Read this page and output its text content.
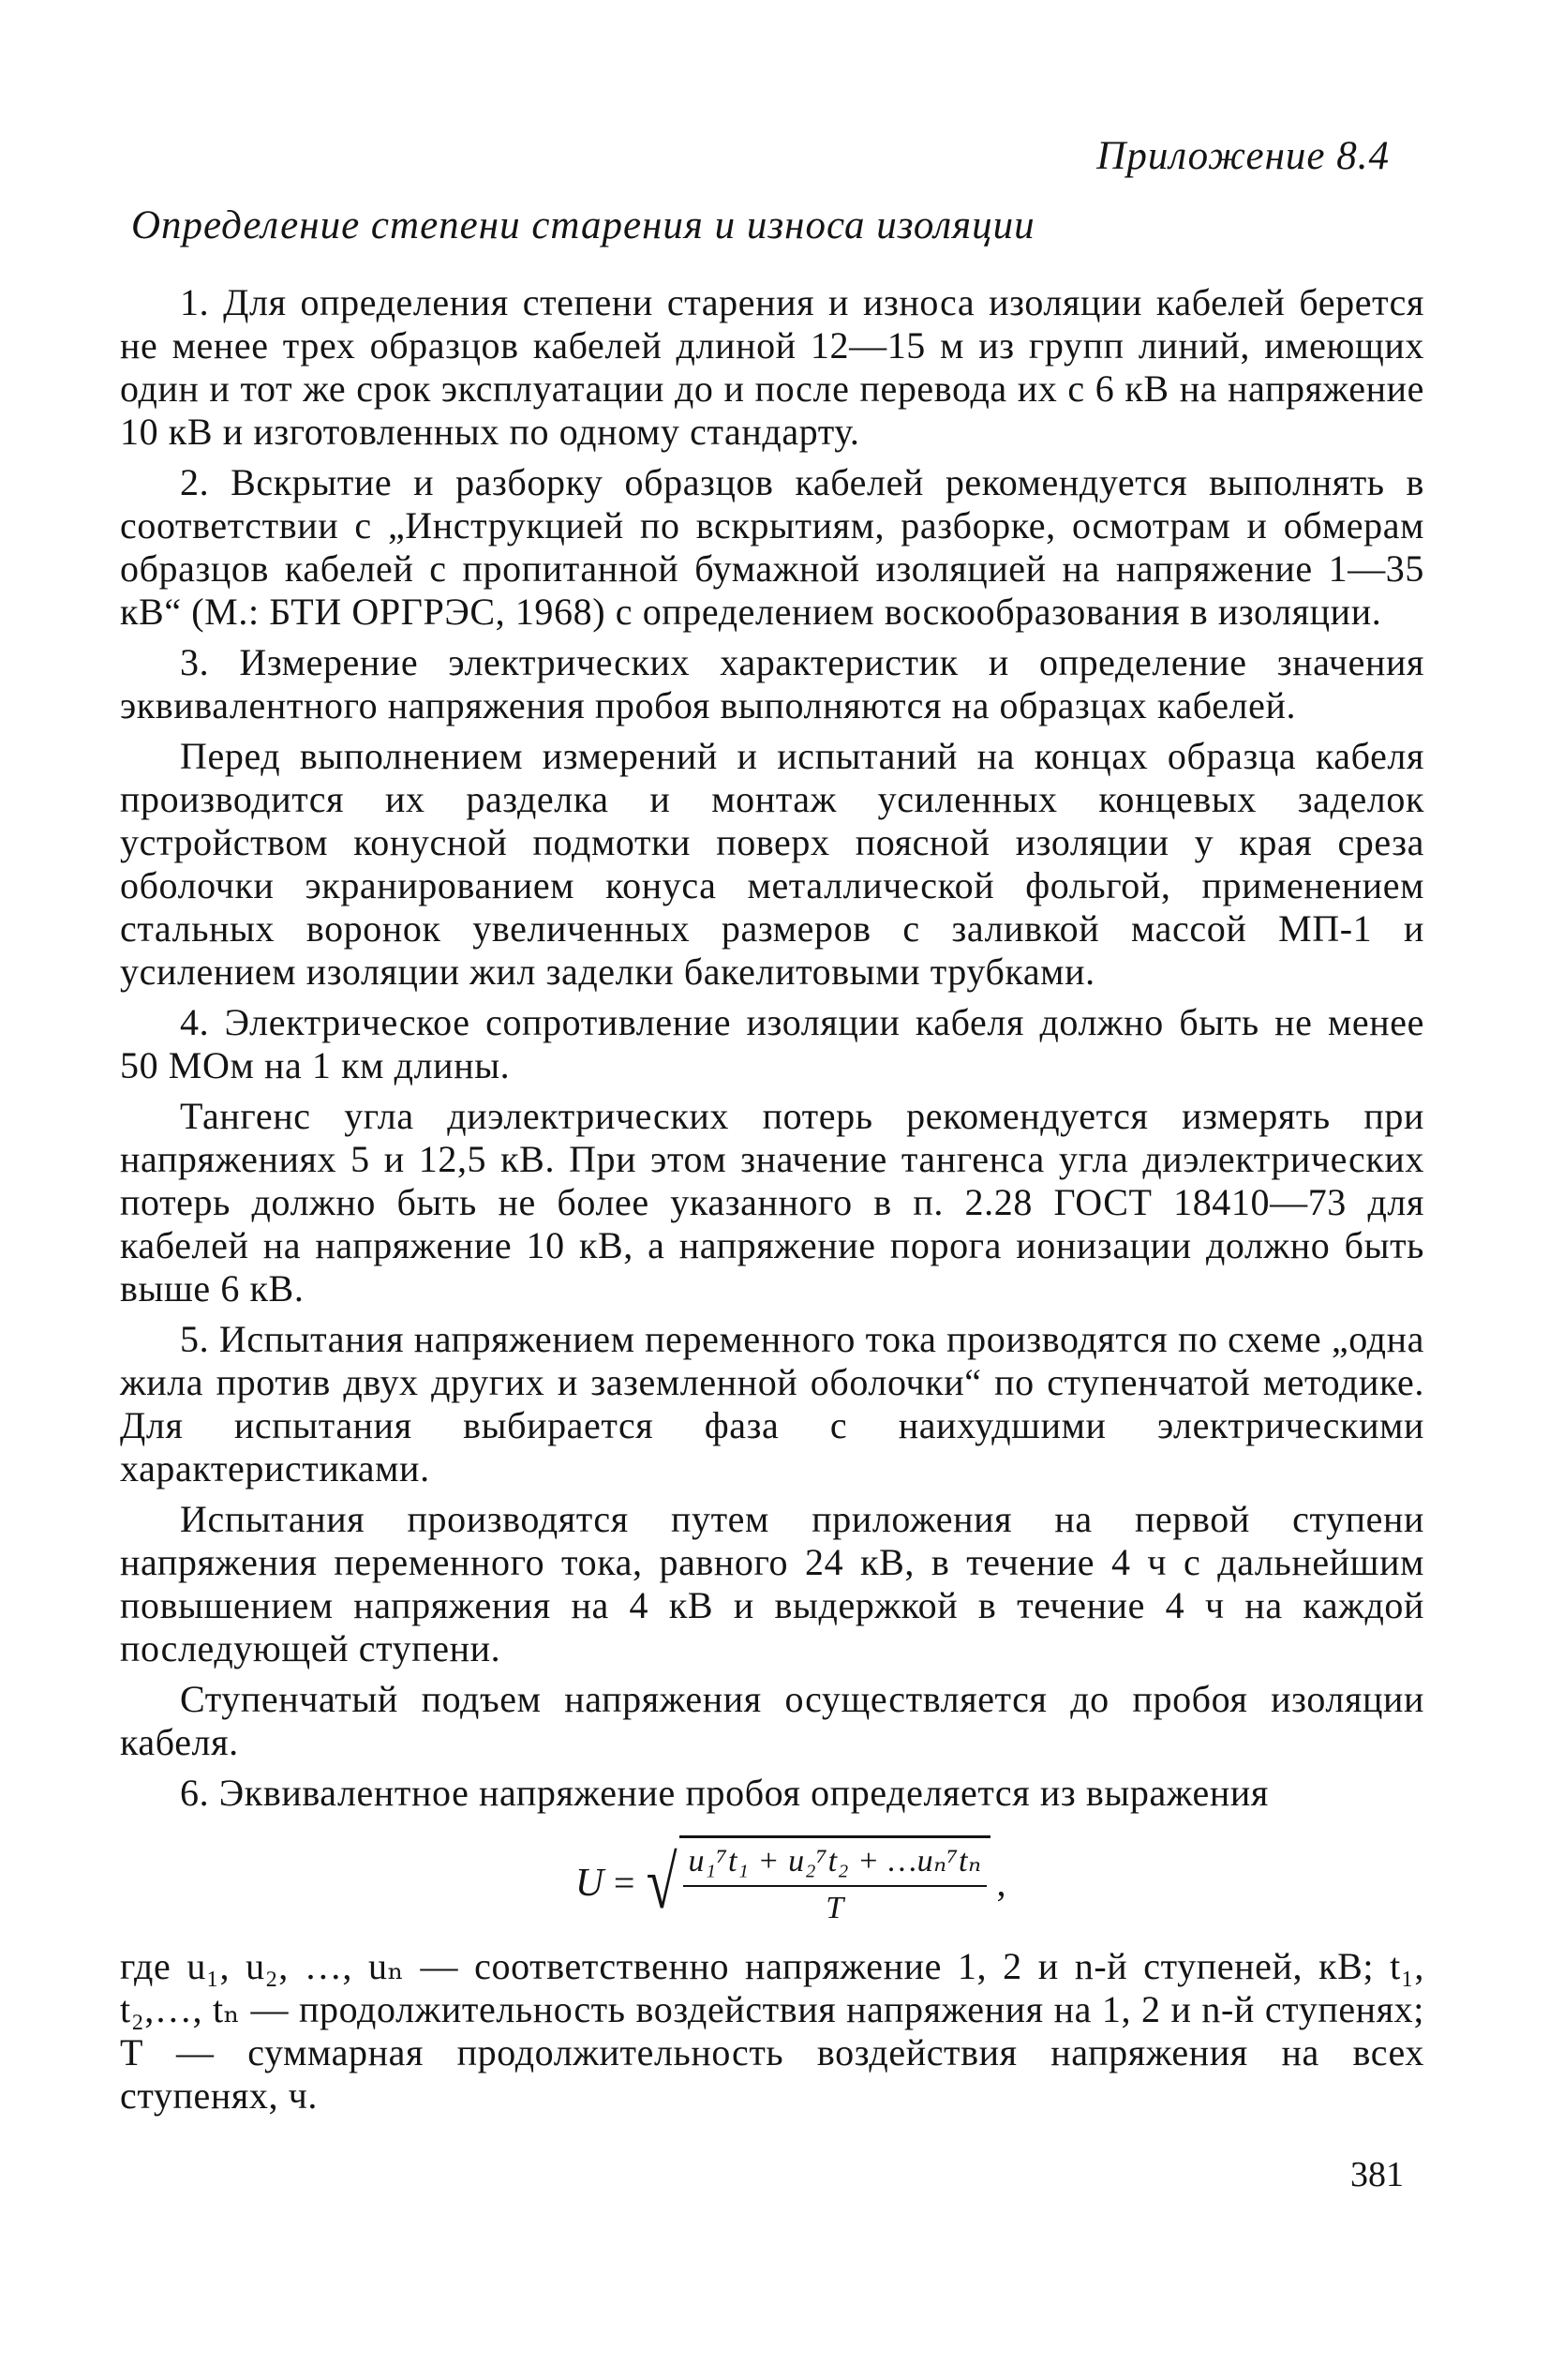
Приложение 8.4
Определение степени старения и износа изоляции

1. Для определения степени старения и износа изоляции кабелей берется не менее трех образцов кабелей длиной 12—15 м из групп линий, имеющих один и тот же срок эксплуатации до и после перевода их с 6 кВ на напряжение 10 кВ и изготовленных по одному стандарту.

2. Вскрытие и разборку образцов кабелей рекомендуется выполнять в соответствии с „Инструкцией по вскрытиям, разборке, осмотрам и обмерам образцов кабелей с пропитанной бумажной изоляцией на напряжение 1—35 кВ“ (М.: БТИ ОРГРЭС, 1968) с определением воскообразования в изоляции.

3. Измерение электрических характеристик и определение значения эквивалентного напряжения пробоя выполняются на образцах кабелей.

Перед выполнением измерений и испытаний на концах образца кабеля производится их разделка и монтаж усиленных концевых заделок устройством конусной подмотки поверх поясной изоляции у края среза оболочки экранированием конуса металлической фольгой, применением стальных воронок увеличенных размеров с заливкой массой МП-1 и усилением изоляции жил заделки бакелитовыми трубками.

4. Электрическое сопротивление изоляции кабеля должно быть не менее 50 МОм на 1 км длины.

Тангенс угла диэлектрических потерь рекомендуется измерять при напряжениях 5 и 12,5 кВ. При этом значение тангенса угла диэлектрических потерь должно быть не более указанного в п. 2.28 ГОСТ 18410—73 для кабелей на напряжение 10 кВ, а напряжение порога ионизации должно быть выше 6 кВ.

5. Испытания напряжением переменного тока производятся по схеме „одна жила против двух других и заземленной оболочки“ по ступенчатой методике. Для испытания выбирается фаза с наихудшими электрическими характеристиками.

Испытания производятся путем приложения на первой ступени напряжения переменного тока, равного 24 кВ, в течение 4 ч с дальнейшим повышением напряжения на 4 кВ и выдержкой в течение 4 ч на каждой последующей ступени.

Ступенчатый подъем напряжения осуществляется до пробоя изоляции кабеля.

6. Эквивалентное напряжение пробоя определяется из выражения

U = √ $\frac{\text{u₁⁷t₁ + u₂⁷t₂ + …uₙ⁷tₙ}}{T}$ ,

где u₁, u₂, …, uₙ — соответственно напряжение 1, 2 и n-й ступеней, кВ; t₁, t₂,…, tₙ — продолжительность воздействия напряжения на 1, 2 и n-й ступенях; T — суммарная продолжительность воздействия напряжения на всех ступенях, ч.

381
